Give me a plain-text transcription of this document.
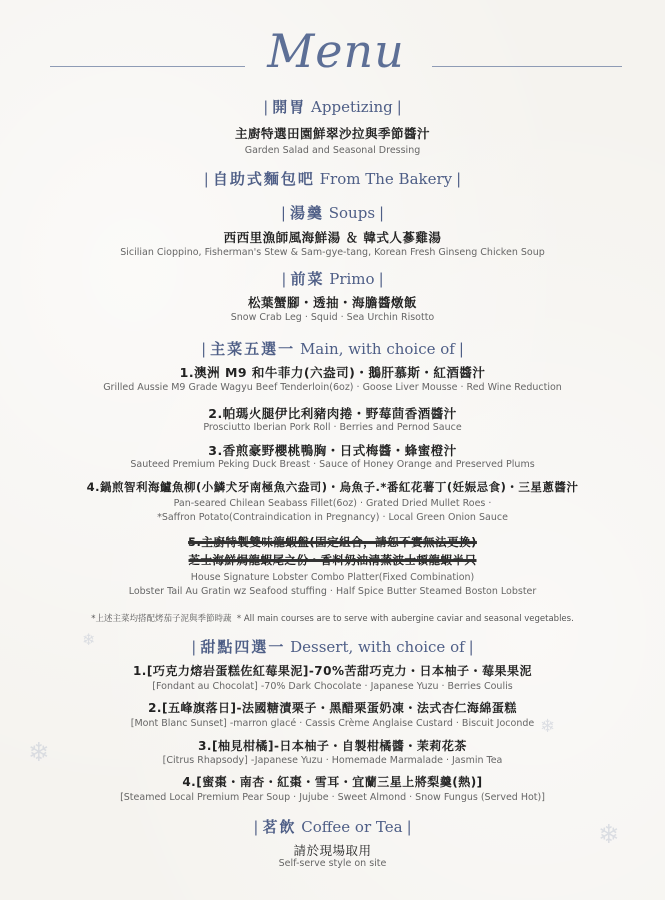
❄
❄
❄
❄
Menu
| 開胃 Appetizing |
主廚特選田園鮮翠沙拉與季節醬汁
Garden Salad and Seasonal Dressing
| 自助式麵包吧 From The Bakery |
| 湯羹 Soups |
西西里漁師風海鮮湯 ＆ 韓式人蔘雞湯
Sicilian Cioppino, Fisherman's Stew & Sam-gye-tang, Korean Fresh Ginseng Chicken Soup
| 前菜 Primo |
松葉蟹腳・透抽・海膽醬燉飯
Snow Crab Leg · Squid · Sea Urchin Risotto
| 主菜五選一 Main, with choice of |
1.澳洲 M9 和牛菲力(六盎司)・鵝肝慕斯・紅酒醬汁
Grilled Aussie M9 Grade Wagyu Beef Tenderloin(6oz) · Goose Liver Mousse · Red Wine Reduction
2.帕瑪火腿伊比利豬肉捲・野莓茴香酒醬汁
Prosciutto Iberian Pork Roll · Berries and Pernod Sauce
3.香煎豪野櫻桃鴨胸・日式梅醬・蜂蜜橙汁
Sauteed Premium Peking Duck Breast · Sauce of Honey Orange and Preserved Plums
4.鍋煎智利海鱸魚柳(小鱗犬牙南極魚六盎司)・烏魚子.*番紅花薯丁(妊娠忌食)・三星蔥醬汁
Pan-seared Chilean Seabass Fillet(6oz) · Grated Dried Mullet Roes ·
*Saffron Potato(Contraindication in Pregnancy) · Local Green Onion Sauce
5.主廚特製雙味龍蝦盤(固定組合，請恕不實無法更換)
芝士海鮮焗龍蝦尾之份・香料奶油清蒸波士頓龍蝦半只
House Signature Lobster Combo Platter(Fixed Combination)
Lobster Tail Au Gratin wz Seafood stuffing · Half Spice Butter Steamed Boston Lobster
*上述主菜均搭配烤茄子泥與季節時蔬 * All main courses are to serve with aubergine caviar and seasonal vegetables.
| 甜點四選一 Dessert, with choice of |
1.[巧克力熔岩蛋糕佐紅莓果泥]-70%苦甜巧克力・日本柚子・莓果果泥
[Fondant au Chocolat] -70% Dark Chocolate · Japanese Yuzu · Berries Coulis
2.[五峰旗落日]-法國糖漬栗子・黑醋栗蛋奶凍・法式杏仁海綿蛋糕
[Mont Blanc Sunset] -marron glacé · Cassis Crème Anglaise Custard · Biscuit Joconde
3.[柚見柑橘]-日本柚子・自製柑橘醬・茉莉花茶
[Citrus Rhapsody] -Japanese Yuzu · Homemade Marmalade · Jasmin Tea
4.[蜜棗・南杏・紅棗・雪耳・宜蘭三星上將梨羹(熱)]
[Steamed Local Premium Pear Soup · Jujube · Sweet Almond · Snow Fungus (Served Hot)]
| 茗飲 Coffee or Tea |
請於現場取用
Self-serve style on site
